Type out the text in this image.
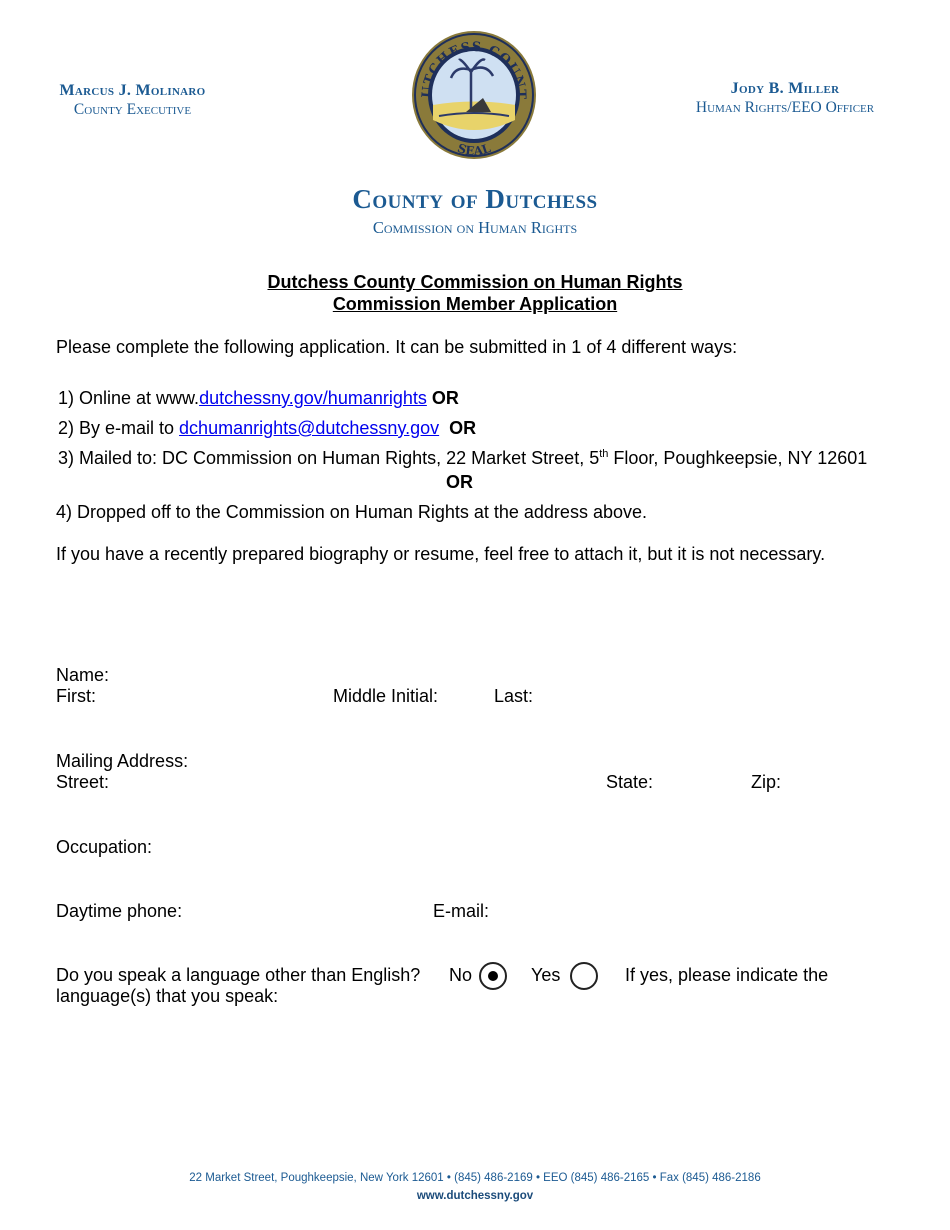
Marcus J. Molinaro
County Executive
UTCHESS COUNT
SEAL
Jody B. Miller
Human Rights/EEO Officer
County of Dutchess
Commission on Human Rights
Dutchess County Commission on Human Rights
Commission Member Application
Please complete the following application. It can be submitted in 1 of 4 different ways:
1) Online at www.dutchessny.gov/humanrights OR
2) By e-mail to dchumanrights@dutchessny.gov OR
3) Mailed to: DC Commission on Human Rights, 22 Market Street, 5th Floor, Poughkeepsie, NY 12601
OR
4) Dropped off to the Commission on Human Rights at the address above.
If you have a recently prepared biography or resume, feel free to attach it, but it is not necessary.
Name:
First:	Middle Initial:	Last:
Mailing Address:
Street:	State:	Zip:
Occupation:
Daytime phone:	E-mail:
Do you speak a language other than English? No	Yes	If yes, please indicate the
language(s) that you speak:
22 Market Street, Poughkeepsie, New York 12601 • (845) 486-2169 • EEO (845) 486-2165 • Fax (845) 486-2186
www.dutchessny.gov
